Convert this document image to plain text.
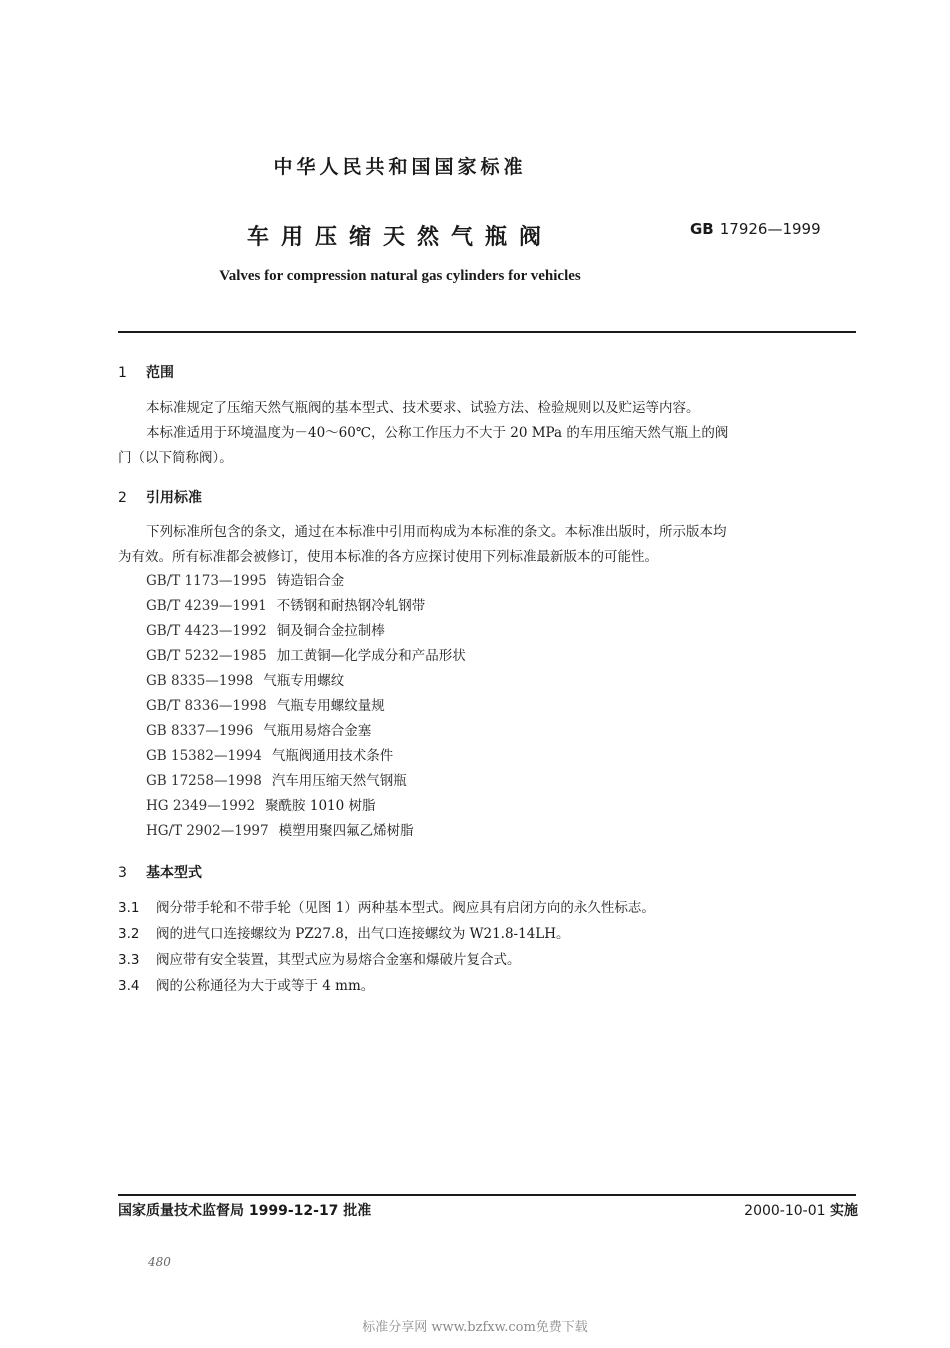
中华人民共和国国家标准
车用压缩天然气瓶阀	GB 17926—1999
Valves for compression natural gas cylinders for vehicles
1 范围
本标准规定了压缩天然气瓶阀的基本型式、技术要求、试验方法、检验规则以及贮运等内容。
本标准适用于环境温度为－40～60℃，公称工作压力不大于 20 MPa 的车用压缩天然气瓶上的阀
门（以下简称阀）。
2 引用标准
下列标准所包含的条文，通过在本标准中引用而构成为本标准的条文。本标准出版时，所示版本均
为有效。所有标准都会被修订，使用本标准的各方应探讨使用下列标准最新版本的可能性。
GB/T 1173—1995 铸造铝合金
GB/T 4239—1991 不锈钢和耐热钢冷轧钢带
GB/T 4423—1992 铜及铜合金拉制棒
GB/T 5232—1985 加工黄铜—化学成分和产品形状
GB 8335—1998 气瓶专用螺纹
GB/T 8336—1998 气瓶专用螺纹量规
GB 8337—1996 气瓶用易熔合金塞
GB 15382—1994 气瓶阀通用技术条件
GB 17258—1998 汽车用压缩天然气钢瓶
HG 2349—1992 聚酰胺 1010 树脂
HG/T 2902—1997 模塑用聚四氟乙烯树脂
3 基本型式
3.1 阀分带手轮和不带手轮（见图 1）两种基本型式。阀应具有启闭方向的永久性标志。
3.2 阀的进气口连接螺纹为 PZ27.8，出气口连接螺纹为 W21.8-14LH。
3.3 阀应带有安全装置，其型式应为易熔合金塞和爆破片复合式。
3.4 阀的公称通径为大于或等于 4 mm。
国家质量技术监督局 1999-12-17 批准	2000-10-01 实施
480
标准分享网 www.bzfxw.com免费下载
